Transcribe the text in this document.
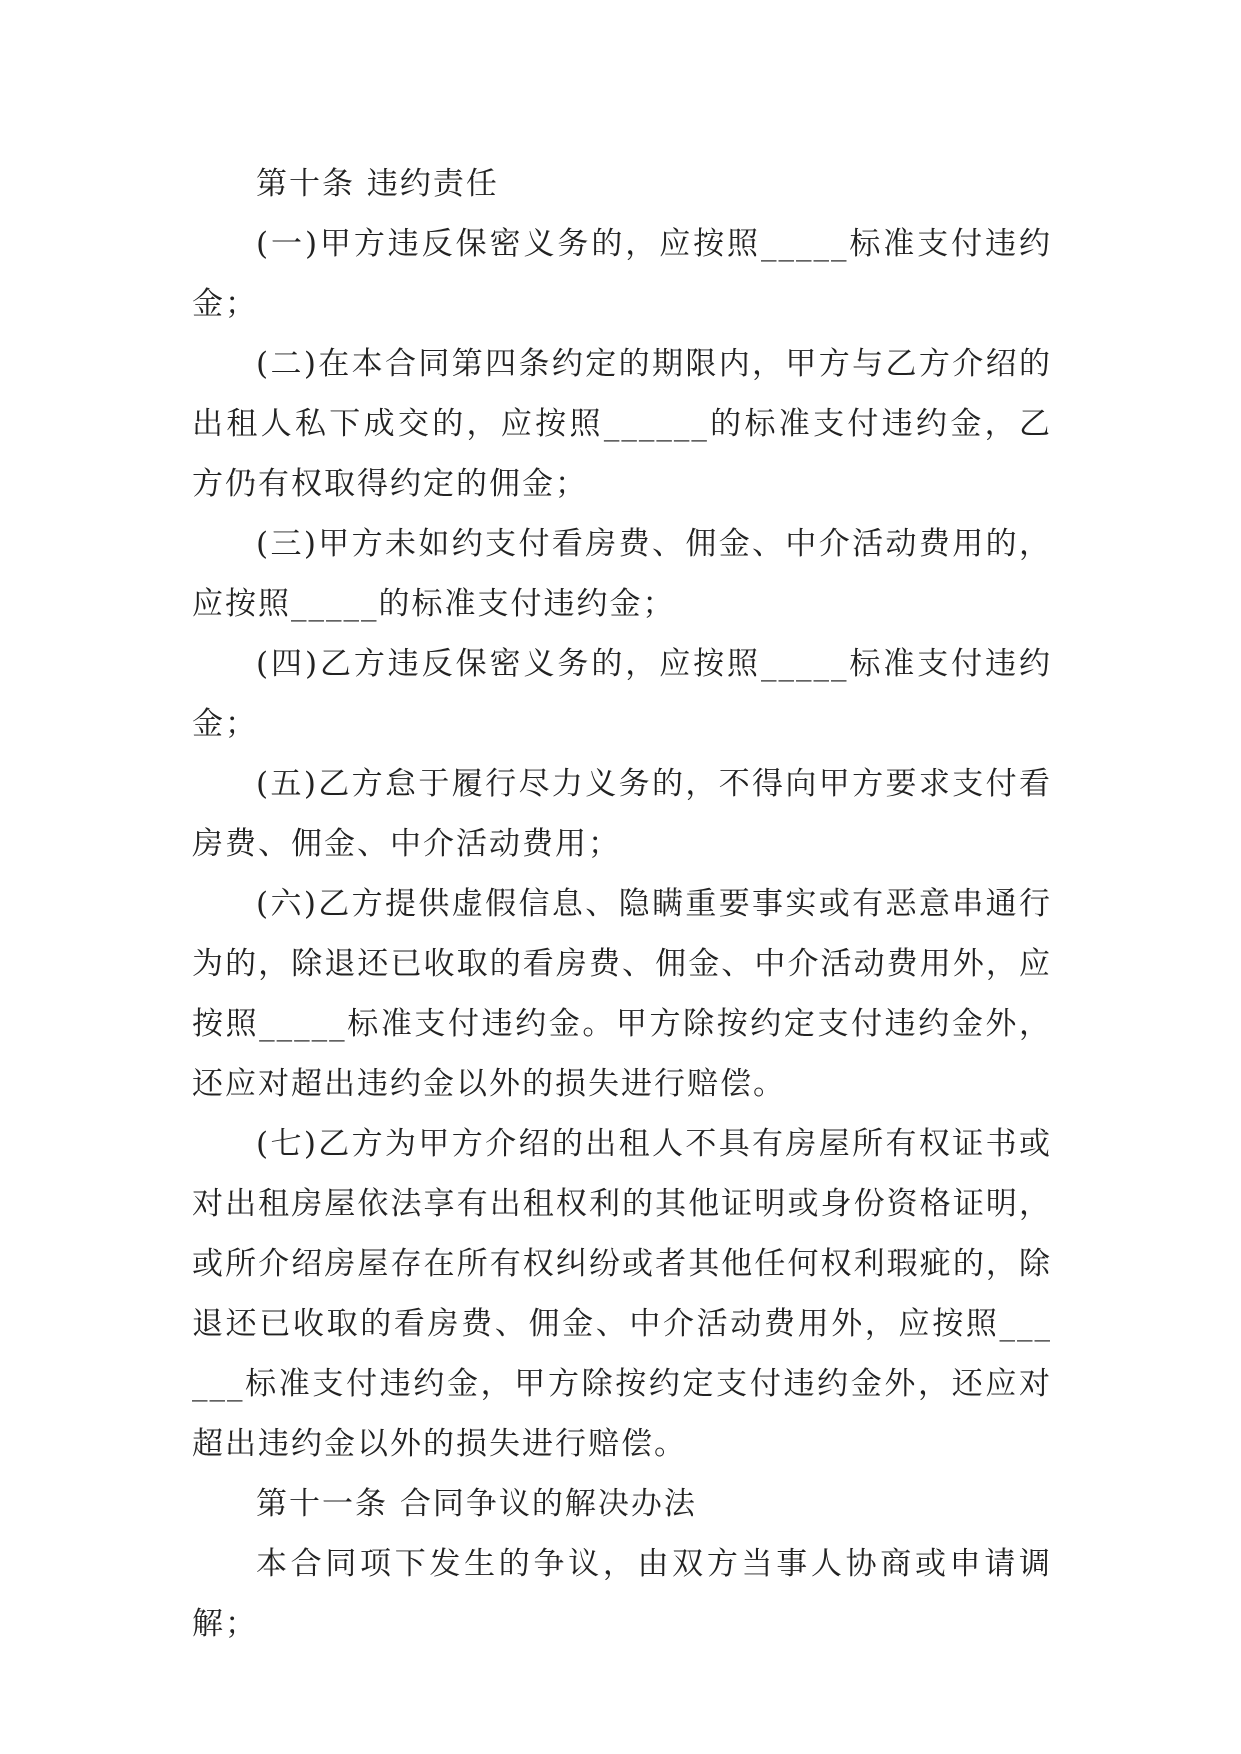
第十条 违约责任

(一)甲方违反保密义务的，应按照_____标准支付违约金；

(二)在本合同第四条约定的期限内，甲方与乙方介绍的出租人私下成交的，应按照______的标准支付违约金，乙方仍有权取得约定的佣金；

(三)甲方未如约支付看房费、佣金、中介活动费用的，应按照_____的标准支付违约金；

(四)乙方违反保密义务的，应按照_____标准支付违约金；

(五)乙方怠于履行尽力义务的，不得向甲方要求支付看房费、佣金、中介活动费用；

(六)乙方提供虚假信息、隐瞒重要事实或有恶意串通行为的，除退还已收取的看房费、佣金、中介活动费用外，应按照_____标准支付违约金。甲方除按约定支付违约金外，还应对超出违约金以外的损失进行赔偿。

(七)乙方为甲方介绍的出租人不具有房屋所有权证书或对出租房屋依法享有出租权利的其他证明或身份资格证明，或所介绍房屋存在所有权纠纷或者其他任何权利瑕疵的，除退还已收取的看房费、佣金、中介活动费用外，应按照______标准支付违约金，甲方除按约定支付违约金外，还应对超出违约金以外的损失进行赔偿。

第十一条 合同争议的解决办法

本合同项下发生的争议，由双方当事人协商或申请调解；
